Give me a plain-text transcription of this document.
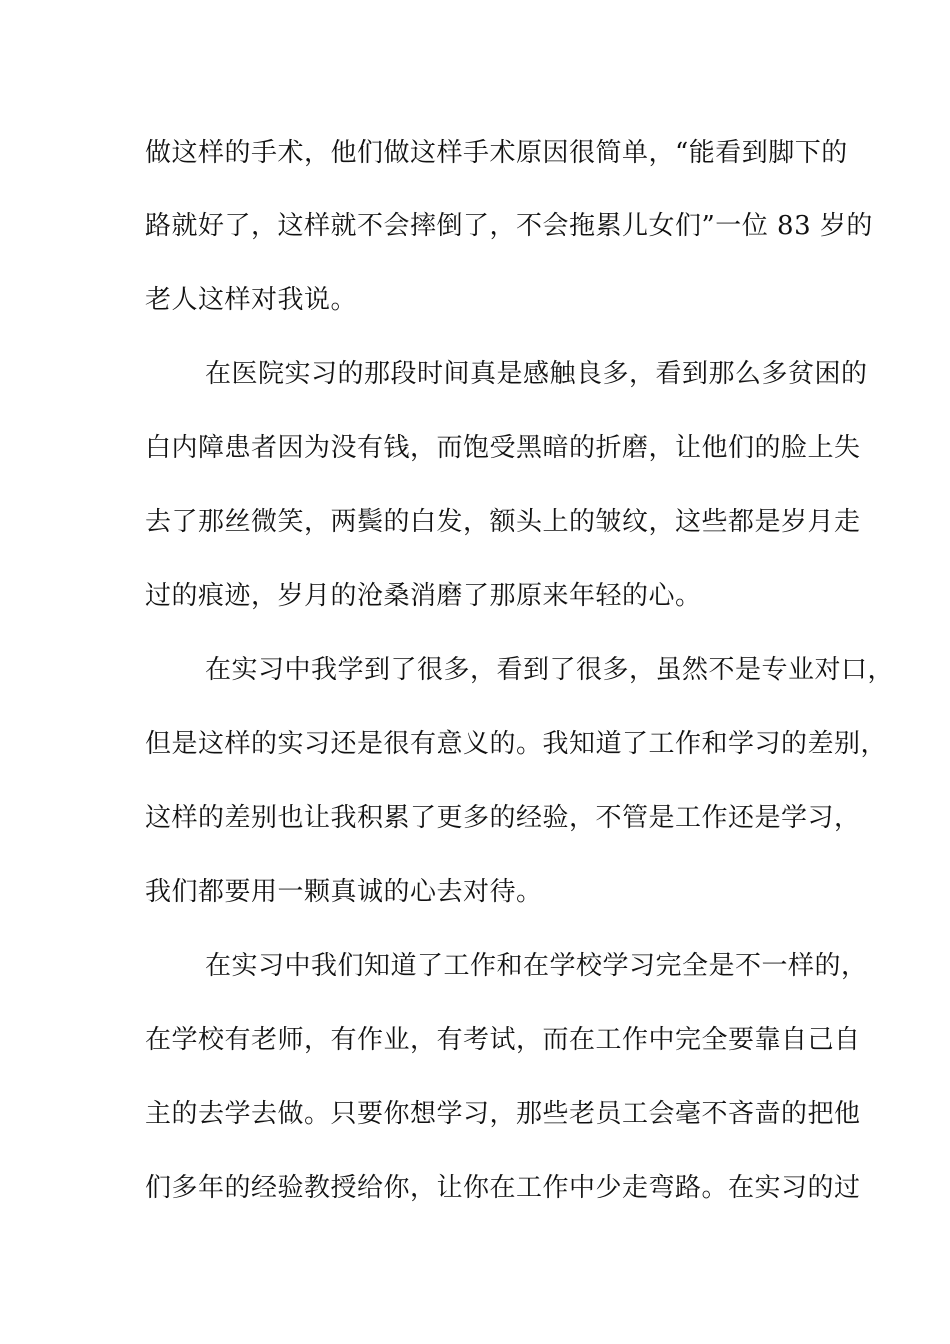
做这样的手术，他们做这样手术原因很简单，“能看到脚下的
路就好了，这样就不会摔倒了，不会拖累儿女们”一位 83 岁的
老人这样对我说。
在医院实习的那段时间真是感触良多，看到那么多贫困的
白内障患者因为没有钱，而饱受黑暗的折磨，让他们的脸上失
去了那丝微笑，两鬓的白发，额头上的皱纹，这些都是岁月走
过的痕迹，岁月的沧桑消磨了那原来年轻的心。
在实习中我学到了很多，看到了很多，虽然不是专业对口，
但是这样的实习还是很有意义的。我知道了工作和学习的差别，
这样的差别也让我积累了更多的经验，不管是工作还是学习，
我们都要用一颗真诚的心去对待。
在实习中我们知道了工作和在学校学习完全是不一样的，
在学校有老师，有作业，有考试，而在工作中完全要靠自己自
主的去学去做。只要你想学习，那些老员工会毫不吝啬的把他
们多年的经验教授给你，让你在工作中少走弯路。在实习的过
